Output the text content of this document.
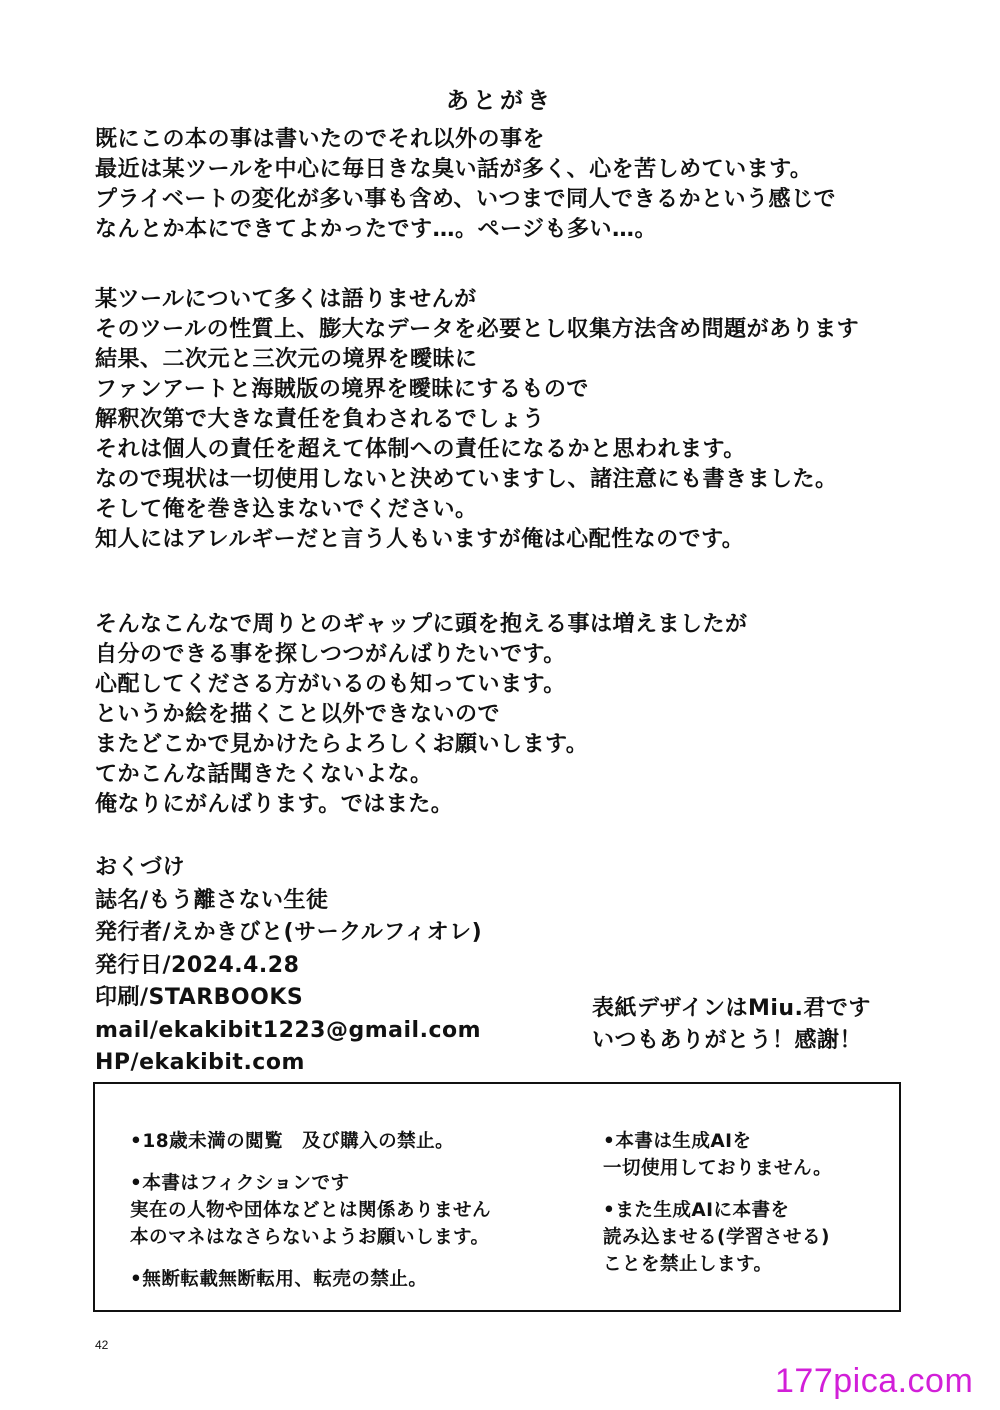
あとがき
既にこの本の事は書いたのでそれ以外の事を
最近は某ツールを中心に毎日きな臭い話が多く、心を苦しめています。
プライベートの変化が多い事も含め、いつまで同人できるかという感じで
なんとか本にできてよかったです…。ページも多い…。
某ツールについて多くは語りませんが
そのツールの性質上、膨大なデータを必要とし収集方法含め問題があります
結果、二次元と三次元の境界を曖昧に
ファンアートと海賊版の境界を曖昧にするもので
解釈次第で大きな責任を負わされるでしょう
それは個人の責任を超えて体制への責任になるかと思われます。
なので現状は一切使用しないと決めていますし、諸注意にも書きました。
そして俺を巻き込まないでください。
知人にはアレルギーだと言う人もいますが俺は心配性なのです。
そんなこんなで周りとのギャップに頭を抱える事は増えましたが
自分のできる事を探しつつがんばりたいです。
心配してくださる方がいるのも知っています。
というか絵を描くこと以外できないので
またどこかで見かけたらよろしくお願いします。
てかこんな話聞きたくないよな。
俺なりにがんばります。ではまた。
おくづけ
誌名/もう離さない生徒
発行者/えかきびと(サークルフィオレ)
発行日/2024.4.28
印刷/STARBOOKS
mail/ekakibit1223@gmail.com
HP/ekakibit.com
表紙デザインはMiu.君です
いつもありがとう！感謝！
•18歳未満の閲覧　及び購入の禁止。
•本書はフィクションです
実在の人物や団体などとは関係ありません
本のマネはなさらないようお願いします。
•無断転載無断転用、転売の禁止。
•本書は生成AIを
一切使用しておりません。
•また生成AIに本書を
読み込ませる(学習させる)
ことを禁止します。
42
177pica.com
